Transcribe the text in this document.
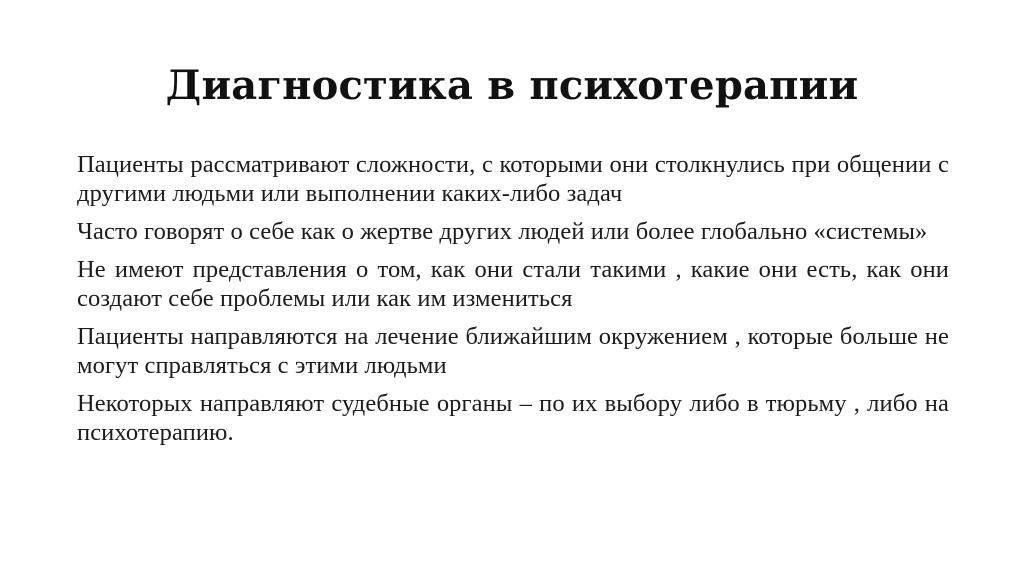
Диагностика в психотерапии
Пациенты рассматривают сложности, с которыми они столкнулись при общении с другими людьми или выполнении каких-либо задач
Часто говорят о себе как о жертве других людей или более глобально «системы»
Не имеют представления о том, как они стали такими , какие они есть, как они создают себе проблемы или как им измениться
Пациенты направляются на лечение ближайшим окружением , которые больше не могут справляться с этими людьми
Некоторых направляют судебные органы – по их выбору либо в тюрьму , либо на психотерапию.
